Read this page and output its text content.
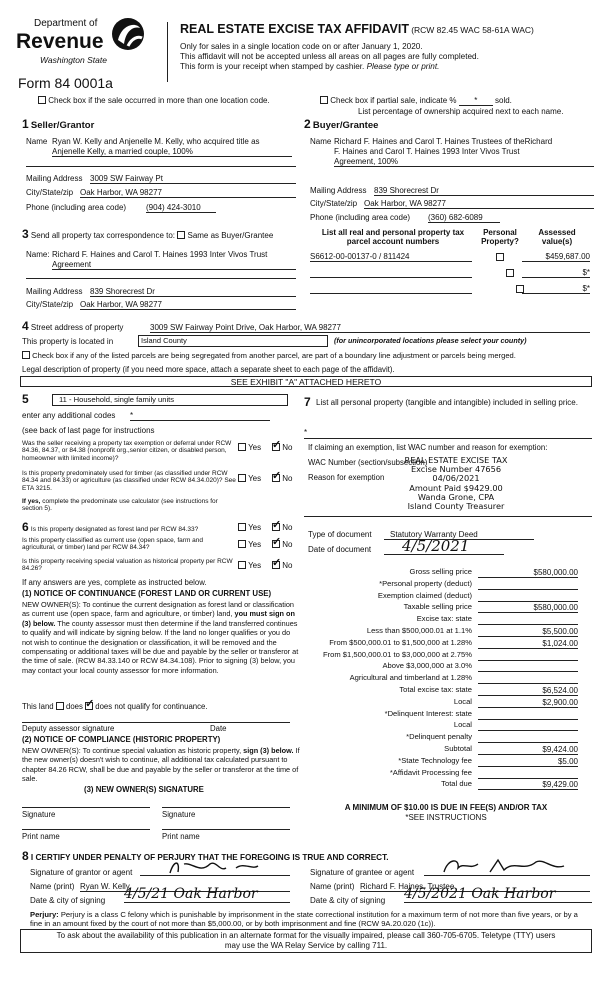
Department of
Revenue
Washington State
Form 84 0001a
REAL ESTATE EXCISE TAX AFFIDAVIT (RCW 82.45 WAC 58-61A WAC)
Only for sales in a single location code on or after January 1, 2020.
This affidavit will not be accepted unless all areas on all pages are fully completed.
This form is your receipt when stamped by cashier. Please type or print.
Check box if the sale occurred in more than one location code.	Check box if partial sale, indicate % * sold.
List percentage of ownership acquired next to each name.
1 Seller/Grantor
Name Ryan W. Kelly and Anjenelle M. Kelly, who acquired title as
Anjenelle Kelly, a married couple, 100%
Mailing Address 3009 SW Fairway Pt
City/State/zip Oak Harbor, WA 98277
Phone (including area code) (904) 424-3010
2 Buyer/Grantee
Name Richard F. Haines and Carol T. Haines Trustees of theRichard
F. Haines and Carol T. Haines 1993 Inter Vivos Trust
Agreement, 100%
Mailing Address 839 Shorecrest Dr
City/State/zip Oak Harbor, WA 98277
Phone (including area code) (360) 682-6089
3 Send all property tax correspondence to: Same as Buyer/Grantee
Name: Richard F. Haines and Carol T. Haines 1993 Inter Vivos Trust
Agreement
Mailing Address 839 Shorecrest Dr
City/State/zip Oak Harbor, WA 98277
List all real and personal property tax parcel account numbers
Personal Property?
Assessed value(s)
S6612-00-00137-0 / 811424
	$459,687.00

$*
$*
4 Street address of property	3009 SW Fairway Point Drive, Oak Harbor, WA 98277
This property is located in	Island County	(for unincorporated locations please select your county)
Check box if any of the listed parcels are being segregated from another parcel, are part of a boundary line adjustment or parcels being merged.
Legal description of property (if you need more space, attach a separate sheet to each page of the affidavit).
SEE EXHIBIT "A" ATTACHED HERETO
5	11 - Household, single family units
enter any additional codes *
(see back of last page for instructions
Was the seller receiving a property tax exemption or deferral under RCW 84.36, 84.37, or 84.38 (nonprofit org.,senior citizen, or disabled person, homeowner with limited income)?
Yes ✓	No
Is this property predominately used for timber (as classified under RCW 84.34 and 84.33) or agriculture (as classified under RCW 84.34.020)? See ETA 3215.
Yes ✓	No
If yes, complete the predominate use calculator (see instructions for section 5).
6 Is this property designated as forest land per RCW 84.33?	Yes ✓	No
Is this property classified as current use (open space, farm and agricultural, or timber) land per RCW 84.34?	Yes ✓	No
Is this property receiving special valuation as historical property per RCW 84.26?	Yes ✓	No
If any answers are yes, complete as instructed below.
(1) NOTICE OF CONTINUANCE (FOREST LAND OR CURRENT USE)
NEW OWNER(S): To continue the current designation as forest land or classification as current use (open space, farm and agriculture, or timber) land, you must sign on (3) below. The county assessor must then determine if the land transferred continues to qualify and will indicate by signing below. If the land no longer qualifies or you do not wish to continue the designation or classification, it will be removed and the compensating or additional taxes will be due and payable by the seller or transferor at the time of sale. (RCW 84.33.140 or RCW 84.34.108). Prior to signing (3) below, you may contact your local county assessor for more information.
This land does ✓ does not qualify for continuance.
Deputy assessor signature	Date
(2) NOTICE OF COMPLIANCE (HISTORIC PROPERTY)
NEW OWNER(S): To continue special valuation as historic property, sign (3) below. If the new owner(s) doesn't wish to continue, all additional tax calculated pursuant to chapter 84.26 RCW, shall be due and payable by the seller or transferor at the time of sale.
(3) NEW OWNER(S) SIGNATURE
Signature	Signature
Print name	Print name
7 List all personal property (tangible and intangible) included in selling price.
*
If claiming an exemption, list WAC number and reason for exemption:
WAC Number (section/subsection)
Reason for exemption
REAL ESTATE EXCISE TAX
Excise Number 47656
04/06/2021
Amount Paid $9429.00
Wanda Grone, CPA
Island County Treasurer
Type of document	Statutory Warranty Deed
Date of document	4/5/2021
Gross selling price	$580,000.00
*Personal property (deduct)
Exemption claimed (deduct)
Taxable selling price	$580,000.00
Excise tax: state
Less than $500,000.01 at 1.1%	$5,500.00
From $500,000.01 to $1,500,000 at 1.28%	$1,024.00
From $1,500,000.01 to $3,000,000 at 2.75%
Above $3,000,000 at 3.0%
Agricultural and timberland at 1.28%
Total excise tax: state	$6,524.00
Local	$2,900.00
*Delinquent Interest: state
Local
*Delinquent penalty
Subtotal	$9,424.00
*State Technology fee	$5.00
*Affidavit Processing fee
Total due	$9,429.00
A MINIMUM OF $10.00 IS DUE IN FEE(S) AND/OR TAX
*SEE INSTRUCTIONS
8 I CERTIFY UNDER PENALTY OF PERJURY THAT THE FOREGOING IS TRUE AND CORRECT.
Signature of grantor or agent
Name (print) Ryan W. Kelly
Date & city of signing 4/5/21 Oak Harbor
Signature of grantee or agent
Name (print) Richard F. Haines, Trustee
Date & city of signing 4/5/2021 Oak Harbor
Perjury: Perjury is a class C felony which is punishable by imprisonment in the state correctional institution for a maximum term of not more than five years, or by a fine in an amount fixed by the court of not more than $5,000.00, or by both imprisonment and fine (RCW 9A.20.020 (1c)).
To ask about the availability of this publication in an alternate format for the visually impaired, please call 360-705-6705. Teletype (TTY) users may use the WA Relay Service by calling 711.
